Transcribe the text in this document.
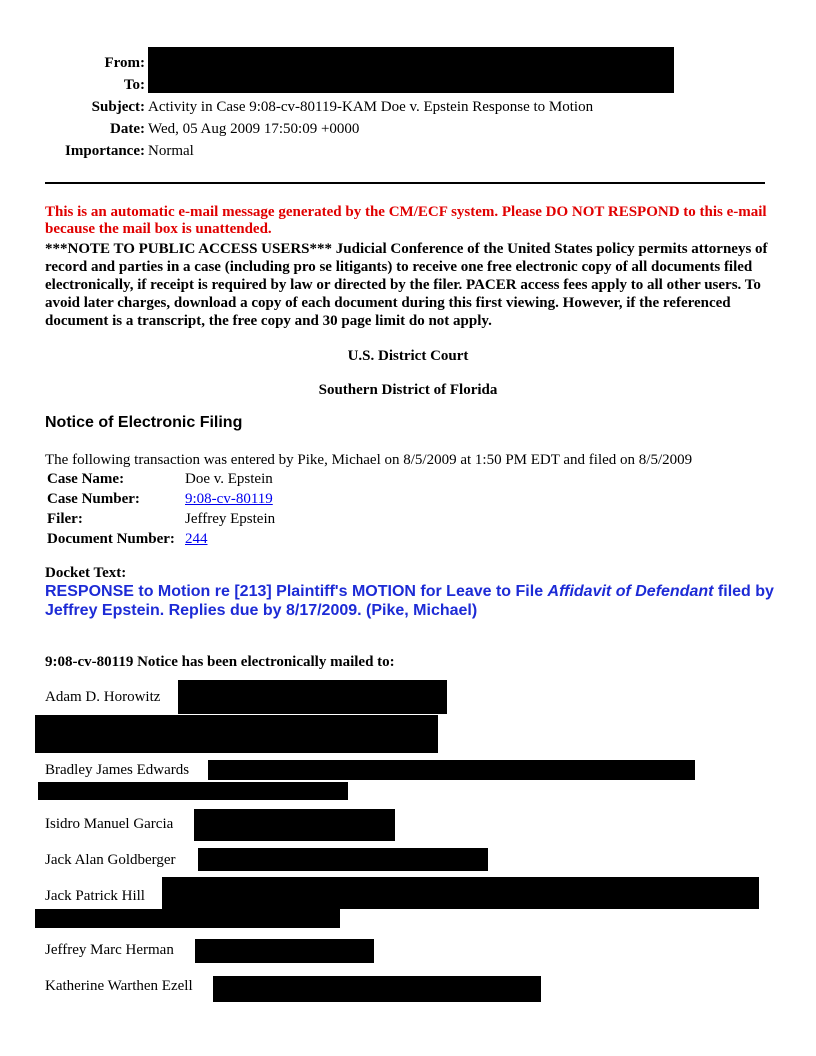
From:
To:
Subject: Activity in Case 9:08-cv-80119-KAM Doe v. Epstein Response to Motion
Date: Wed, 05 Aug 2009 17:50:09 +0000
Importance: Normal
This is an automatic e-mail message generated by the CM/ECF system. Please DO NOT RESPOND to this e-mail because the mail box is unattended.
***NOTE TO PUBLIC ACCESS USERS*** Judicial Conference of the United States policy permits attorneys of record and parties in a case (including pro se litigants) to receive one free electronic copy of all documents filed electronically, if receipt is required by law or directed by the filer. PACER access fees apply to all other users. To avoid later charges, download a copy of each document during this first viewing. However, if the referenced document is a transcript, the free copy and 30 page limit do not apply.
U.S. District Court
Southern District of Florida
Notice of Electronic Filing
The following transaction was entered by Pike, Michael on 8/5/2009 at 1:50 PM EDT and filed on 8/5/2009
Case Name:	Doe v. Epstein
Case Number:	9:08-cv-80119
Filer:	Jeffrey Epstein
Document Number: 244
Docket Text:
RESPONSE to Motion re [213] Plaintiff's MOTION for Leave to File Affidavit of Defendant filed by Jeffrey Epstein. Replies due by 8/17/2009. (Pike, Michael)
9:08-cv-80119 Notice has been electronically mailed to:
Adam D. Horowitz
Bradley James Edwards
Isidro Manuel Garcia
Jack Alan Goldberger
Jack Patrick Hill
Jeffrey Marc Herman
Katherine Warthen Ezell
